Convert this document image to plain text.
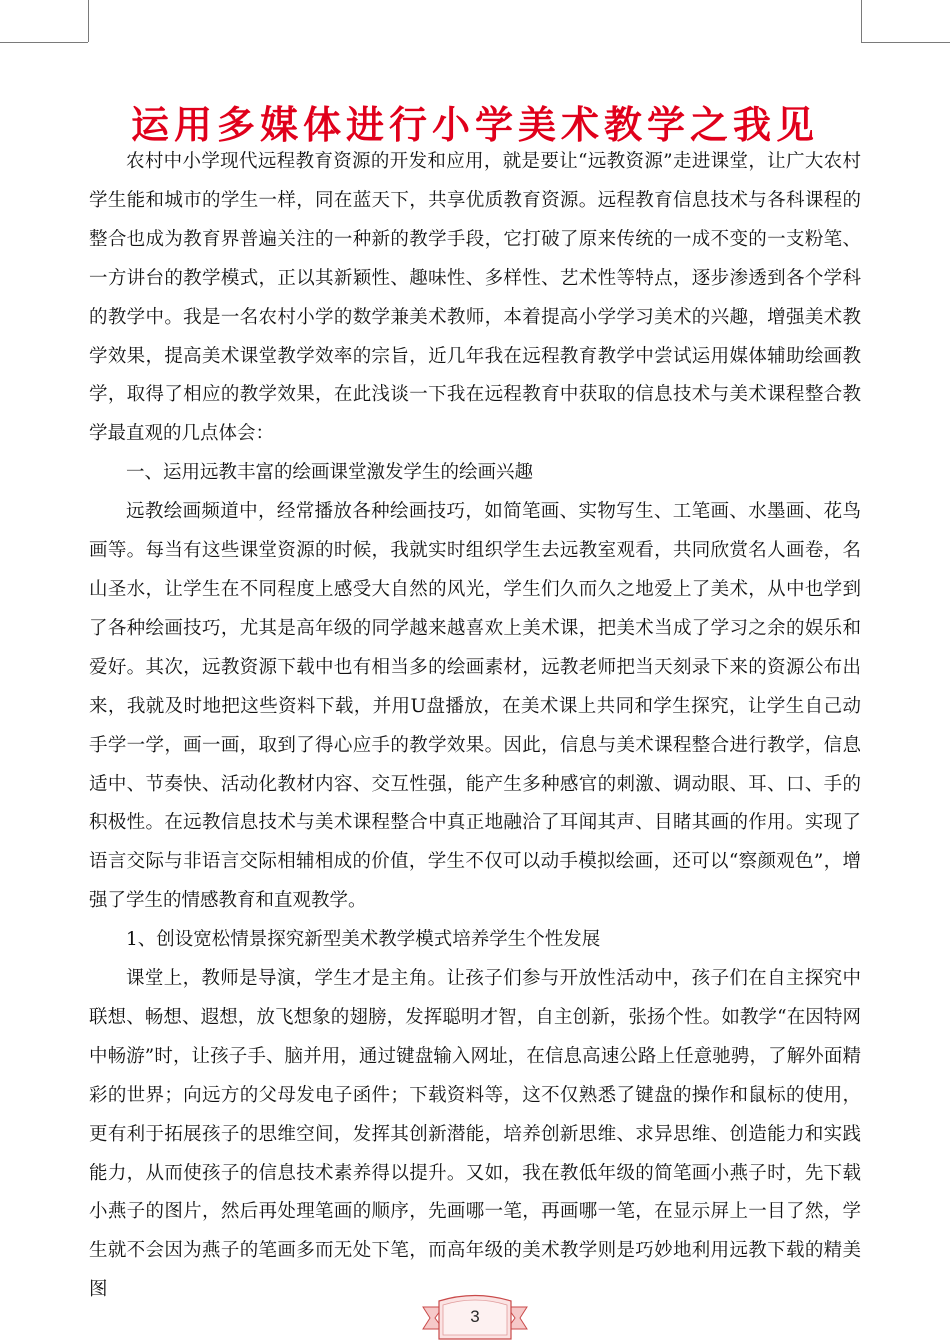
运用多媒体进行小学美术教学之我见

农村中小学现代远程教育资源的开发和应用，就是要让“远教资源”走进课堂，让广大农村学生能和城市的学生一样，同在蓝天下，共享优质教育资源。远程教育信息技术与各科课程的整合也成为教育界普遍关注的一种新的教学手段，它打破了原来传统的一成不变的一支粉笔、一方讲台的教学模式，正以其新颖性、趣味性、多样性、艺术性等特点，逐步渗透到各个学科的教学中。我是一名农村小学的数学兼美术教师，本着提高小学学习美术的兴趣，增强美术教学效果，提高美术课堂教学效率的宗旨，近几年我在远程教育教学中尝试运用媒体辅助绘画教学，取得了相应的教学效果，在此浅谈一下我在远程教育中获取的信息技术与美术课程整合教学最直观的几点体会：

一、运用远教丰富的绘画课堂激发学生的绘画兴趣

远教绘画频道中，经常播放各种绘画技巧，如简笔画、实物写生、工笔画、水墨画、花鸟画等。每当有这些课堂资源的时候，我就实时组织学生去远教室观看，共同欣赏名人画卷，名山圣水，让学生在不同程度上感受大自然的风光，学生们久而久之地爱上了美术，从中也学到了各种绘画技巧，尤其是高年级的同学越来越喜欢上美术课，把美术当成了学习之余的娱乐和爱好。其次，远教资源下载中也有相当多的绘画素材，远教老师把当天刻录下来的资源公布出来，我就及时地把这些资料下载，并用U盘播放，在美术课上共同和学生探究，让学生自己动手学一学，画一画，取到了得心应手的教学效果。因此，信息与美术课程整合进行教学，信息适中、节奏快、活动化教材内容、交互性强，能产生多种感官的刺激、调动眼、耳、口、手的积极性。在远教信息技术与美术课程整合中真正地融洽了耳闻其声、目睹其画的作用。实现了语言交际与非语言交际相辅相成的价值，学生不仅可以动手模拟绘画，还可以“察颜观色”，增强了学生的情感教育和直观教学。

1、创设宽松情景探究新型美术教学模式培养学生个性发展

课堂上，教师是导演，学生才是主角。让孩子们参与开放性活动中，孩子们在自主探究中联想、畅想、遐想，放飞想象的翅膀，发挥聪明才智，自主创新，张扬个性。如教学“在因特网中畅游”时，让孩子手、脑并用，通过键盘输入网址，在信息高速公路上任意驰骋，了解外面精彩的世界；向远方的父母发电子函件；下载资料等，这不仅熟悉了键盘的操作和鼠标的使用，更有利于拓展孩子的思维空间，发挥其创新潜能，培养创新思维、求异思维、创造能力和实践能力，从而使孩子的信息技术素养得以提升。又如，我在教低年级的简笔画小燕子时，先下载小燕子的图片，然后再处理笔画的顺序，先画哪一笔，再画哪一笔，在显示屏上一目了然，学生就不会因为燕子的笔画多而无处下笔，而高年级的美术教学则是巧妙地利用远教下载的精美图

3
